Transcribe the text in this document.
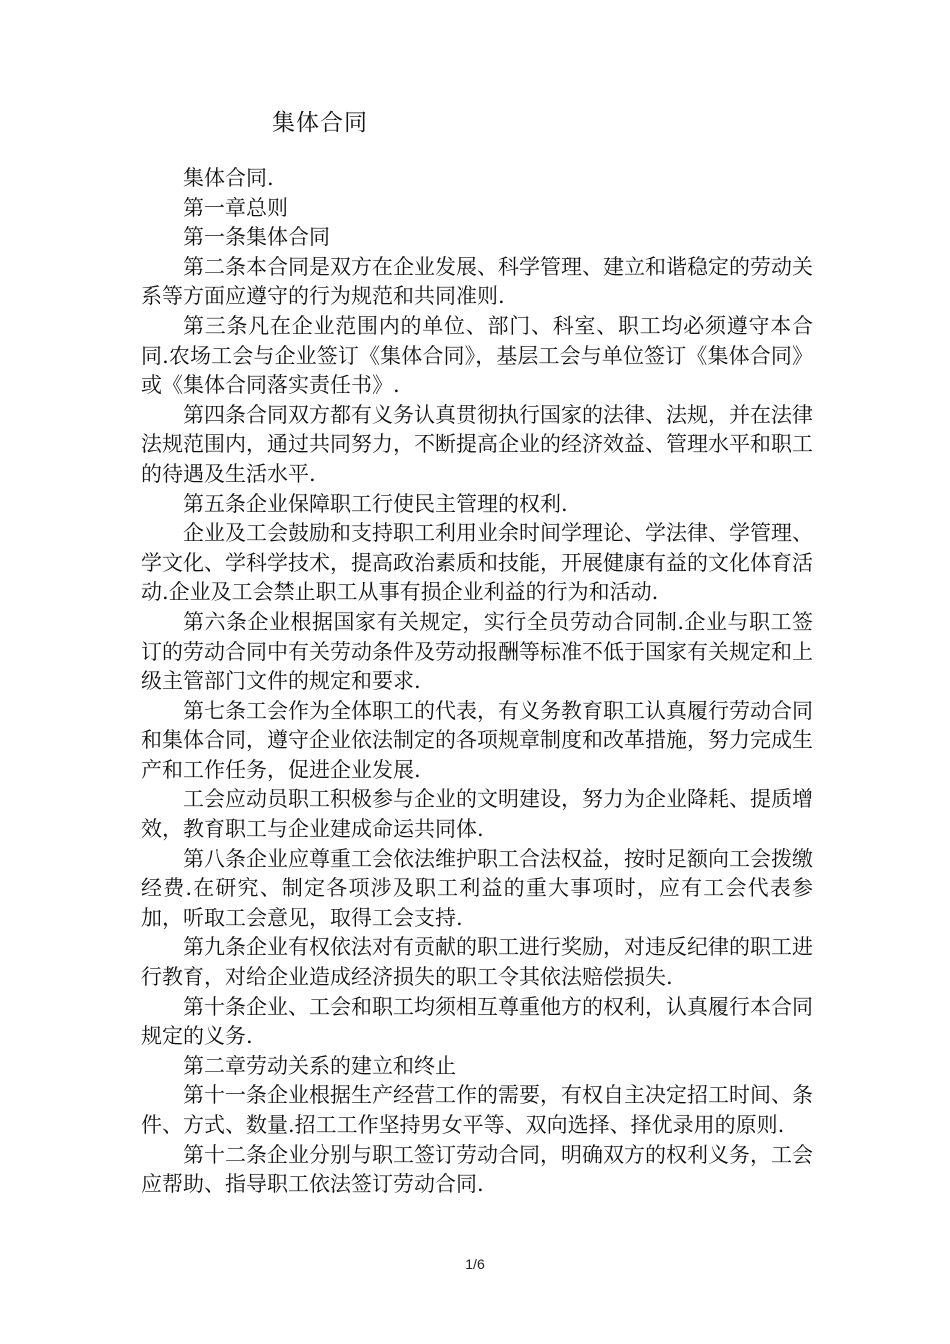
集体合同

集体合同.

第一章总则

第一条集体合同

第二条本合同是双方在企业发展、科学管理、建立和谐稳定的劳动关系等方面应遵守的行为规范和共同准则.

第三条凡在企业范围内的单位、部门、科室、职工均必须遵守本合同.农场工会与企业签订《集体合同》，基层工会与单位签订《集体合同》或《集体合同落实责任书》.

第四条合同双方都有义务认真贯彻执行国家的法律、法规，并在法律法规范围内，通过共同努力，不断提高企业的经济效益、管理水平和职工的待遇及生活水平.

第五条企业保障职工行使民主管理的权利.

企业及工会鼓励和支持职工利用业余时间学理论、学法律、学管理、学文化、学科学技术，提高政治素质和技能，开展健康有益的文化体育活动.企业及工会禁止职工从事有损企业利益的行为和活动.

第六条企业根据国家有关规定，实行全员劳动合同制.企业与职工签订的劳动合同中有关劳动条件及劳动报酬等标准不低于国家有关规定和上级主管部门文件的规定和要求.

第七条工会作为全体职工的代表，有义务教育职工认真履行劳动合同和集体合同，遵守企业依法制定的各项规章制度和改革措施，努力完成生产和工作任务，促进企业发展.

工会应动员职工积极参与企业的文明建设，努力为企业降耗、提质增效，教育职工与企业建成命运共同体.

第八条企业应尊重工会依法维护职工合法权益，按时足额向工会拨缴经费.在研究、制定各项涉及职工利益的重大事项时，应有工会代表参加，听取工会意见，取得工会支持.

第九条企业有权依法对有贡献的职工进行奖励，对违反纪律的职工进行教育，对给企业造成经济损失的职工令其依法赔偿损失.

第十条企业、工会和职工均须相互尊重他方的权利，认真履行本合同规定的义务.

第二章劳动关系的建立和终止

第十一条企业根据生产经营工作的需要，有权自主决定招工时间、条件、方式、数量.招工工作坚持男女平等、双向选择、择优录用的原则.

第十二条企业分别与职工签订劳动合同，明确双方的权利义务，工会应帮助、指导职工依法签订劳动合同.

1/6
